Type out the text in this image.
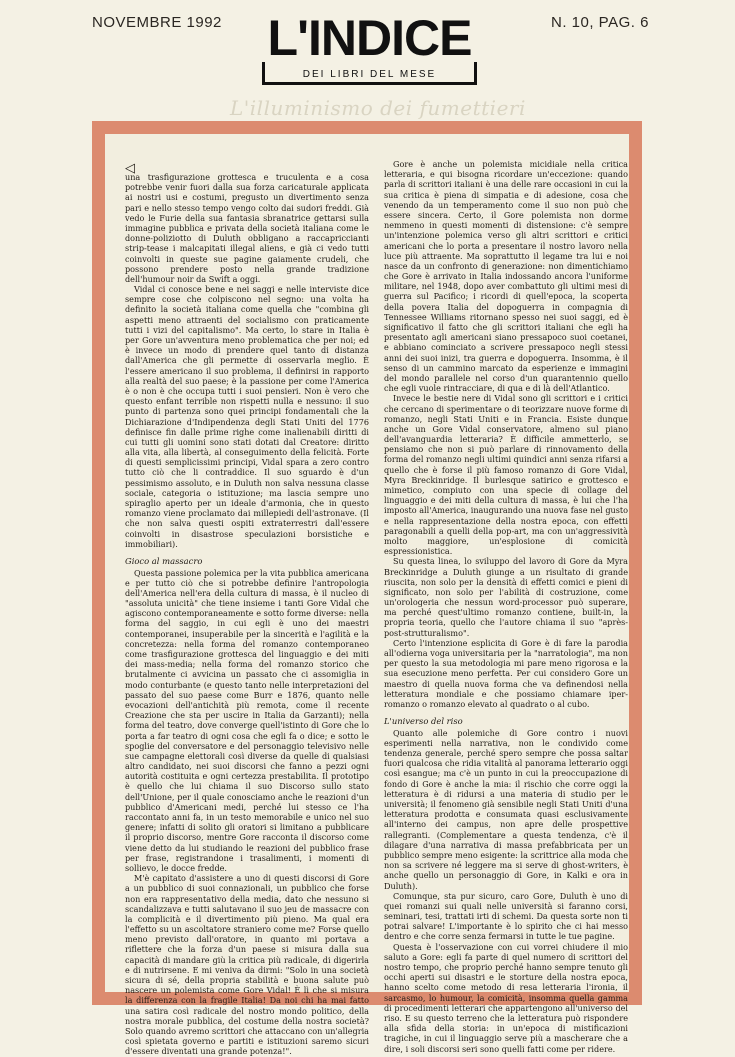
NOVEMBRE 1992	N. 10, PAG. 6
L'INDICE
DEI LIBRI DEL MESE
L'illuminismo dei fumettieri
◁

una trasfigurazione grottesca e truculenta e a cosa potrebbe venir fuori dalla sua forza caricaturale applicata ai nostri usi e costumi, pregusto un divertimento senza pari e nello stesso tempo vengo colto dai sudori freddi. Già vedo le Furie della sua fantasia sbranatrice gettarsi sulla immagine pubblica e privata della società italiana come le donne-poliziotto di Duluth obbligano a raccapriccianti strip-tease i malcapitati illegal aliens, e già ci vedo tutti coinvolti in queste sue pagine gaiamente crudeli, che possono prendere posto nella grande tradizione dell'humour noir da Swift a oggi.

Vidal ci conosce bene e nei saggi e nelle interviste dice sempre cose che colpiscono nel segno: una volta ha definito la società italiana come quella che "combina gli aspetti meno attraenti del socialismo con praticamente tutti i vizi del capitalismo". Ma certo, lo stare in Italia è per Gore un'avventura meno problematica che per noi; ed è invece un modo di prendere quel tanto di distanza dall'America che gli permette di osservarla meglio. È l'essere americano il suo problema, il definirsi in rapporto alla realtà del suo paese; è la passione per come l'America è o non è che occupa tutti i suoi pensieri. Non è vero che questo enfant terrible non rispetti nulla e nessuno: il suo punto di partenza sono quei principi fondamentali che la Dichiarazione d'Indipendenza degli Stati Uniti del 1776 definisce fin dalle prime righe come inalienabili diritti di cui tutti gli uomini sono stati dotati dal Creatore: diritto alla vita, alla libertà, al conseguimento della felicità. Forte di questi semplicissimi principi, Vidal spara a zero contro tutto ciò che li contraddice. Il suo sguardo è d'un pessimismo assoluto, e in Duluth non salva nessuna classe sociale, categoria o istituzione; ma lascia sempre uno spiraglio aperto per un ideale d'armonia, che in questo romanzo viene proclamato dai millepiedi dell'astronave. (Il che non salva questi ospiti extraterrestri dall'essere coinvolti in disastrose speculazioni borsistiche e immobiliari).

Gioco al massacro

Questa passione polemica per la vita pubblica americana e per tutto ciò che si potrebbe definire l'antropologia dell'America nell'era della cultura di massa, è il nucleo di "assoluta unicità" che tiene insieme i tanti Gore Vidal che agiscono contemporaneamente e sotto forme diverse: nella forma del saggio, in cui egli è uno dei maestri contemporanei, insuperabile per la sincerità e l'agilità e la concretezza: nella forma del romanzo contemporaneo come trasfigurazione grottesca del linguaggio e dei miti dei mass-media; nella forma del romanzo storico che brutalmente ci avvicina un passato che ci assomiglia in modo conturbante (e questo tanto nelle interpretazioni del passato del suo paese come Burr e 1876, quanto nelle evocazioni dell'antichità più remota, come il recente Creazione che sta per uscire in Italia da Garzanti); nella forma del teatro, dove converge quell'istinto di Gore che lo porta a far teatro di ogni cosa che egli fa o dice; e sotto le spoglie del conversatore e del personaggio televisivo nelle sue campagne elettorali così diverse da quelle di qualsiasi altro candidato, nei suoi discorsi che fanno a pezzi ogni autorità costituita e ogni certezza prestabilita. Il prototipo è quello che lui chiama il suo Discorso sullo stato dell'Unione, per il quale conosciamo anche le reazioni d'un pubblico d'Americani medi, perché lui stesso ce l'ha raccontato anni fa, in un testo memorabile e unico nel suo genere; infatti di solito gli oratori si limitano a pubblicare il proprio discorso, mentre Gore racconta il discorso come viene detto da lui studiando le reazioni del pubblico frase per frase, registrandone i trasalimenti, i momenti di sollievo, le docce fredde.

M'è capitato d'assistere a uno di questi discorsi di Gore a un pubblico di suoi connazionali, un pubblico che forse non era rappresentativo della media, dato che nessuno si scandalizzava e tutti salutavano il suo jeu de massacre con la complicità e il divertimento più pieno. Ma qual era l'effetto su un ascoltatore straniero come me? Forse quello meno previsto dall'oratore, in quanto mi portava a riflettere che la forza d'un paese si misura dalla sua capacità di mandare giù la critica più radicale, di digerirla e di nutrirsene. E mi veniva da dirmi: "Solo in una società sicura di sé, della propria stabilità e buona salute può nascere un polemista come Gore Vidal! È lì che si misura la differenza con la fragile Italia! Da noi chi ha mai fatto una satira così radicale del nostro mondo politico, della nostra morale pubblica, del costume della nostra società? Solo quando avremo scrittori che attaccano con un'allegria così spietata governo e partiti e istituzioni saremo sicuri d'essere diventati una grande potenza!".

Gore è anche un polemista micidiale nella critica letteraria, e qui bisogna ricordare un'eccezione: quando parla di scrittori italiani è una delle rare occasioni in cui la sua critica è piena di simpatia e di adesione, cosa che venendo da un temperamento come il suo non può che essere sincera. Certo, il Gore polemista non dorme nemmeno in questi momenti di distensione: c'è sempre un'intenzione polemica verso gli altri scrittori e critici americani che lo porta a presentare il nostro lavoro nella luce più attraente. Ma soprattutto il legame tra lui e noi nasce da un confronto di generazione: non dimentichiamo che Gore è arrivato in Italia indossando ancora l'uniforme militare, nel 1948, dopo aver combattuto gli ultimi mesi di guerra sul Pacifico; i ricordi di quell'epoca, la scoperta della povera Italia del dopoguerra in compagnia di Tennessee Williams ritornano spesso nei suoi saggi, ed è significativo il fatto che gli scrittori italiani che egli ha presentato agli americani siano pressapoco suoi coetanei, e abbiano cominciato a scrivere pressapoco negli stessi anni dei suoi inizi, tra guerra e dopoguerra. Insomma, è il senso di un cammino marcato da esperienze e immagini del mondo parallele nel corso d'un quarantennio quello che egli vuole rintracciare, di qua e di là dell'Atlantico.

Invece le bestie nere di Vidal sono gli scrittori e i critici che cercano di sperimentare o di teorizzare nuove forme di romanzo, negli Stati Uniti e in Francia. Esiste dunque anche un Gore Vidal conservatore, almeno sul piano dell'avanguardia letteraria? È difficile ammetterlo, se pensiamo che non si può parlare di rinnovamento della forma del romanzo negli ultimi quindici anni senza rifarsi a quello che è forse il più famoso romanzo di Gore Vidal, Myra Breckinridge. Il burlesque satirico e grottesco e mimetico, compiuto con una specie di collage del linguaggio e dei miti della cultura di massa, è lui che l'ha imposto all'America, inaugurando una nuova fase nel gusto e nella rappresentazione della nostra epoca, con effetti paragonabili a quelli della pop-art, ma con un'aggressività molto maggiore, un'esplosione di comicità espressionistica.

Su questa linea, lo sviluppo del lavoro di Gore da Myra Breckinridge a Duluth giunge a un risultato di grande riuscita, non solo per la densità di effetti comici e pieni di significato, non solo per l'abilità di costruzione, come un'orologeria che nessun word-processor può superare, ma perché quest'ultimo romanzo contiene, built-in, la propria teoria, quello che l'autore chiama il suo "après-post-strutturalismo".

Certo l'intenzione esplicita di Gore è di fare la parodia all'odierna voga universitaria per la "narratologia", ma non per questo la sua metodologia mi pare meno rigorosa e la sua esecuzione meno perfetta. Per cui considero Gore un maestro di quella nuova forma che va definendosi nella letteratura mondiale e che possiamo chiamare iper-romanzo o romanzo elevato al quadrato o al cubo.

L'universo del riso

Quanto alle polemiche di Gore contro i nuovi esperimenti nella narrativa, non le condivido come tendenza generale, perché spero sempre che possa saltar fuori qualcosa che ridia vitalità al panorama letterario oggi così esangue; ma c'è un punto in cui la preoccupazione di fondo di Gore è anche la mia: il rischio che corre oggi la letteratura è di ridursi a una materia di studio per le università; il fenomeno già sensibile negli Stati Uniti d'una letteratura prodotta e consumata quasi esclusivamente all'interno dei campus, non apre delle prospettive rallegranti. (Complementare a questa tendenza, c'è il dilagare d'una narrativa di massa prefabbricata per un pubblico sempre meno esigente: la scrittrice alla moda che non sa scrivere né leggere ma si serve di ghost-writers, è anche quello un personaggio di Gore, in Kalki e ora in Duluth).

Comunque, sta pur sicuro, caro Gore, Duluth è uno di quei romanzi sui quali nelle università si faranno corsi, seminari, tesi, trattati irti di schemi. Da questa sorte non ti potrai salvare! L'importante è lo spirito che ci hai messo dentro e che corre senza fermarsi in tutte le tue pagine.

Questa è l'osservazione con cui vorrei chiudere il mio saluto a Gore: egli fa parte di quel numero di scrittori del nostro tempo, che proprio perché hanno sempre tenuto gli occhi aperti sui disastri e le storture della nostra epoca, hanno scelto come metodo di resa letteraria l'ironia, il sarcasmo, lo humour, la comicità, insomma quella gamma di procedimenti letterari che appartengono all'universo del riso. E su questo terreno che la letteratura può rispondere alla sfida della storia: in un'epoca di mistificazioni tragiche, in cui il linguaggio serve più a mascherare che a dire, i soli discorsi seri sono quelli fatti come per ridere.
